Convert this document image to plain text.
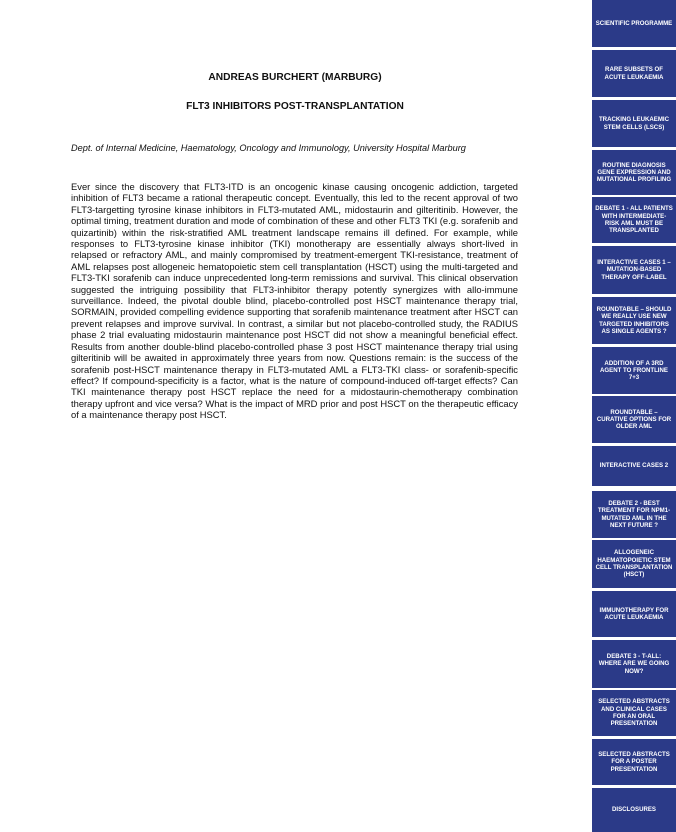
ANDREAS BURCHERT (MARBURG)
FLT3 INHIBITORS POST-TRANSPLANTATION
Dept. of Internal Medicine, Haematology, Oncology and Immunology, University Hospital Marburg

Ever since the discovery that FLT3-ITD is an oncogenic kinase causing oncogenic addiction, targeted inhibition of FLT3 became a rational therapeutic concept. Eventually, this led to the recent approval of two FLT3-targetting tyrosine kinase inhibitors in FLT3-mutated AML, midostaurin and gilteritinib. However, the optimal timing, treatment duration and mode of combination of these and other FLT3 TKI (e.g. sorafenib and quizartinib) within the risk-stratified AML treatment landscape remains ill defined. For example, while responses to FLT3-tyrosine kinase inhibitor (TKI) monotherapy are essentially always short-lived in relapsed or refractory AML, and mainly compromised by treatment-emergent TKI-resistance, treatment of AML relapses post allogeneic hematopoietic stem cell transplantation (HSCT) using the multi-targeted and FLT3-TKI sorafenib can induce unprecedented long-term remissions and survival. This clinical observation suggested the intriguing possibility that FLT3-inhibitor therapy potently synergizes with allo-immune surveillance. Indeed, the pivotal double blind, placebo-controlled post HSCT maintenance therapy trial, SORMAIN, provided compelling evidence supporting that sorafenib maintenance treatment after HSCT can prevent relapses and improve survival. In contrast, a similar but not placebo-controlled study, the RADIUS phase 2 trial evaluating midostaurin maintenance post HSCT did not show a meaningful beneficial effect. Results from another double-blind placebo-controlled phase 3 post HSCT maintenance therapy trial using gilteritinib will be awaited in approximately three years from now. Questions remain: is the success of the sorafenib post-HSCT maintenance therapy in FLT3-mutated AML a FLT3-TKI class- or sorafenib-specific effect? If compound-specificity is a factor, what is the nature of compound-induced off-target effects? Can TKI maintenance therapy post HSCT replace the need for a midostaurin-chemotherapy combination therapy upfront and vice versa? What is the impact of MRD prior and post HSCT on the therapeutic efficacy of a maintenance therapy post HSCT.

SCIENTIFIC PROGRAMME
RARE SUBSETS OF ACUTE LEUKAEMIA
TRACKING LEUKAEMIC STEM CELLS (LSCS)
ROUTINE DIAGNOSIS GENE EXPRESSION AND MUTATIONAL PROFILING
DEBATE 1 - ALL PATIENTS WITH INTERMEDIATE-RISK AML MUST BE TRANSPLANTED
INTERACTIVE CASES 1 – MUTATION-BASED THERAPY OFF-LABEL
ROUNDTABLE – SHOULD WE REALLY USE NEW TARGETED INHIBITORS AS SINGLE AGENTS ?
ADDITION OF A 3RD AGENT TO FRONTLINE 7+3
ROUNDTABLE – CURATIVE OPTIONS FOR OLDER AML
INTERACTIVE CASES 2
DEBATE 2 - BEST TREATMENT FOR NPM1-MUTATED AML IN THE NEXT FUTURE ?
ALLOGENEIC HAEMATOPOIETIC STEM CELL TRANSPLANTATION (HSCT)
IMMUNOTHERAPY FOR ACUTE LEUKAEMIA
DEBATE 3 - T-ALL: WHERE ARE WE GOING NOW?
SELECTED ABSTRACTS AND CLINICAL CASES FOR AN ORAL PRESENTATION
SELECTED ABSTRACTS FOR A POSTER PRESENTATION
DISCLOSURES
